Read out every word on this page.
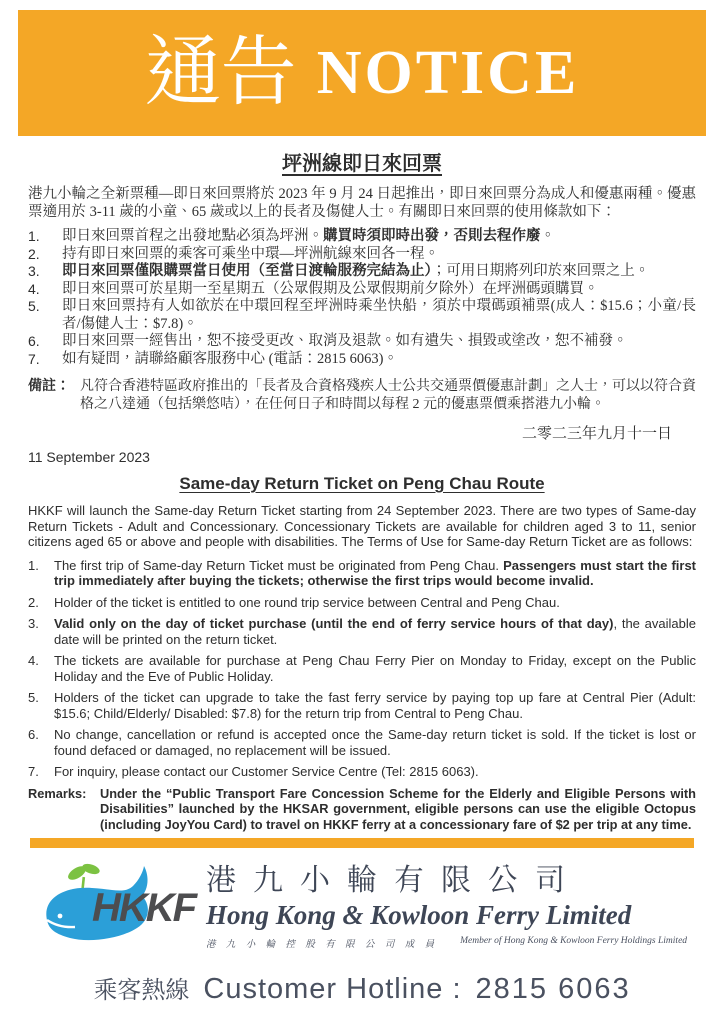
通告 NOTICE
坪洲線即日來回票
港九小輪之全新票種—即日來回票將於 2023 年 9 月 24 日起推出，即日來回票分為成人和優惠兩種。優惠票適用於 3-11 歲的小童、65 歲或以上的長者及傷健人士。有關即日來回票的使用條款如下：
1.	即日來回票首程之出發地點必須為坪洲。購買時須即時出發，否則去程作廢。
2.	持有即日來回票的乘客可乘坐中環—坪洲航線來回各一程。
3.	即日來回票僅限購票當日使用（至當日渡輪服務完結為止）；可用日期將列印於來回票之上。
4.	即日來回票可於星期一至星期五（公眾假期及公眾假期前夕除外）在坪洲碼頭購買。
5.	即日來回票持有人如欲於在中環回程至坪洲時乘坐快船，須於中環碼頭補票(成人：$15.6；小童/長者/傷健人士：$7.8)。
6.	即日來回票一經售出，恕不接受更改、取消及退款。如有遺失、損毀或塗改，恕不補發。
7.	如有疑問，請聯絡顧客服務中心 (電話：2815 6063)。
備註： 凡符合香港特區政府推出的「長者及合資格殘疾人士公共交通票價優惠計劃」之人士，可以以符合資格之八達通（包括樂悠咭），在任何日子和時間以每程 2 元的優惠票價乘搭港九小輪。
二零二三年九月十一日
11 September 2023
Same-day Return Ticket on Peng Chau Route
HKKF will launch the Same-day Return Ticket starting from 24 September 2023. There are two types of Same-day Return Tickets - Adult and Concessionary. Concessionary Tickets are available for children aged 3 to 11, senior citizens aged 65 or above and people with disabilities. The Terms of Use for Same-day Return Ticket are as follows:
1.	The first trip of Same-day Return Ticket must be originated from Peng Chau. Passengers must start the first trip immediately after buying the tickets; otherwise the first trips would become invalid.
2.	Holder of the ticket is entitled to one round trip service between Central and Peng Chau.
3.	Valid only on the day of ticket purchase (until the end of ferry service hours of that day), the available date will be printed on the return ticket.
4.	The tickets are available for purchase at Peng Chau Ferry Pier on Monday to Friday, except on the Public Holiday and the Eve of Public Holiday.
5.	Holders of the ticket can upgrade to take the fast ferry service by paying top up fare at Central Pier (Adult: $15.6; Child/Elderly/ Disabled: $7.8) for the return trip from Central to Peng Chau.
6.	No change, cancellation or refund is accepted once the Same-day return ticket is sold. If the ticket is lost or found defaced or damaged, no replacement will be issued.
7.	For inquiry, please contact our Customer Service Centre (Tel: 2815 6063).
Remarks:	Under the “Public Transport Fare Concession Scheme for the Elderly and Eligible Persons with Disabilities” launched by the HKSAR government, eligible persons can use the eligible Octopus (including JoyYou Card) to travel on HKKF ferry at a concessionary fare of $2 per trip at any time.
HKKF
港九小輪有限公司
Hong Kong & Kowloon Ferry Limited
港 九 小 輪 控 股 有 限 公 司 成 員 Member of Hong Kong & Kowloon Ferry Holdings Limited
乘客熱線 Customer Hotline : 2815 6063
